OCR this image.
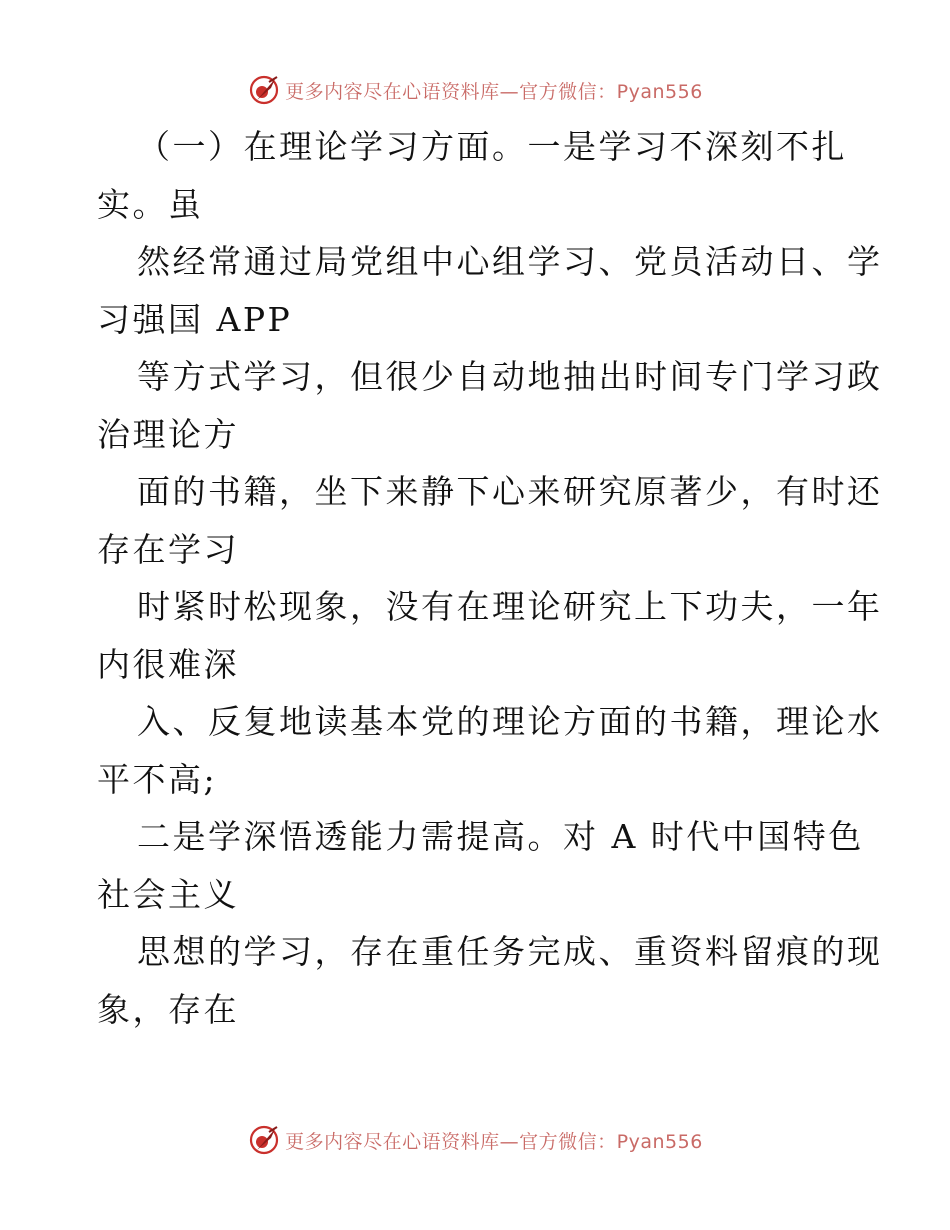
更多内容尽在心语资料库—官方微信：Pyan556
（一）在理论学习方面。一是学习不深刻不扎
实。虽
然经常通过局党组中心组学习、党员活动日、学
习强国 APP
等方式学习，但很少自动地抽出时间专门学习政
治理论方
面的书籍，坐下来静下心来研究原著少，有时还
存在学习
时紧时松现象，没有在理论研究上下功夫，一年
内很难深
入、反复地读基本党的理论方面的书籍，理论水
平不高;
二是学深悟透能力需提高。对 A 时代中国特色
社会主义
思想的学习，存在重任务完成、重资料留痕的现
象，存在
更多内容尽在心语资料库—官方微信：Pyan556
